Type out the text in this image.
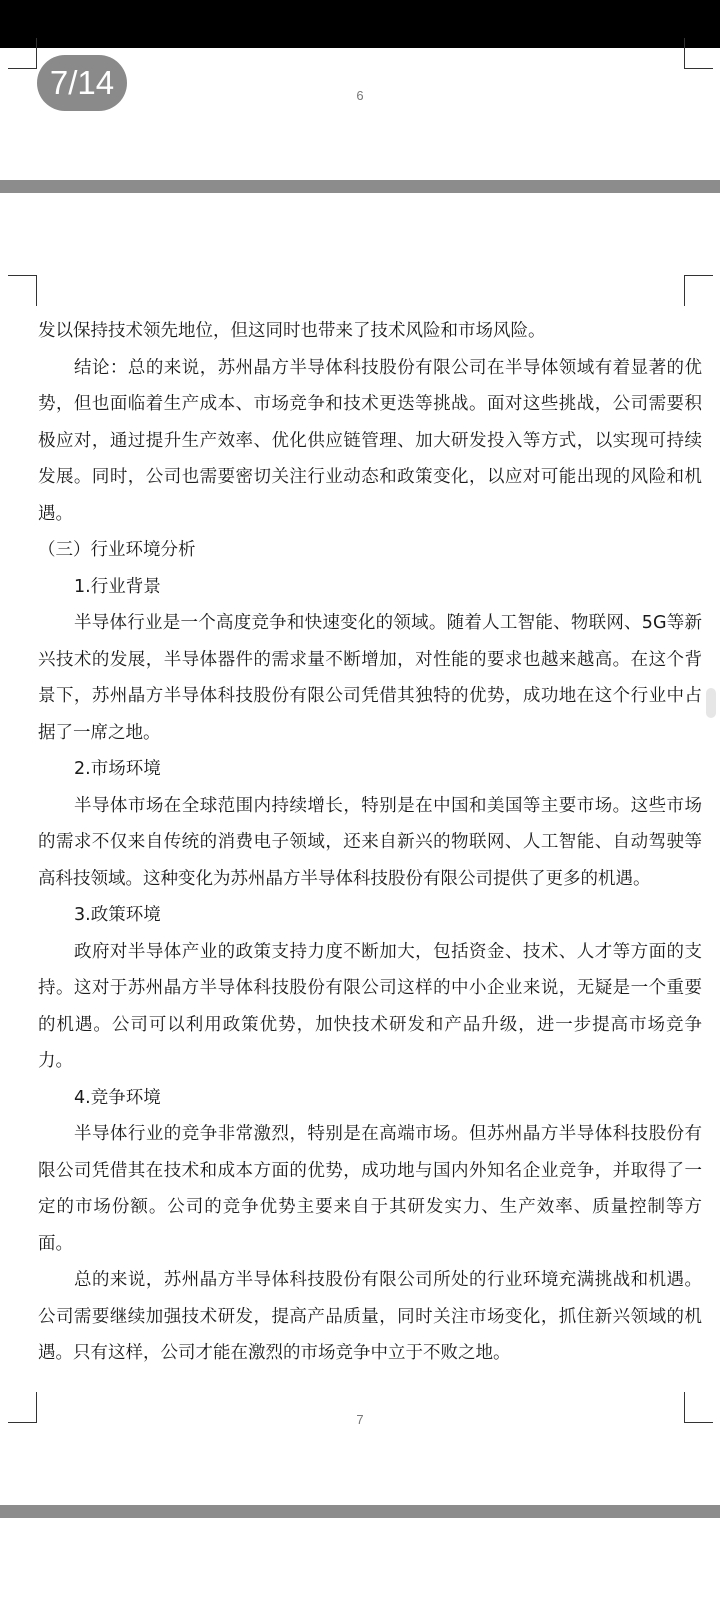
7/14	6

发以保持技术领先地位，但这同时也带来了技术风险和市场风险。

结论：总的来说，苏州晶方半导体科技股份有限公司在半导体领域有着显著的优势，但也面临着生产成本、市场竞争和技术更迭等挑战。面对这些挑战，公司需要积极应对，通过提升生产效率、优化供应链管理、加大研发投入等方式，以实现可持续发展。同时，公司也需要密切关注行业动态和政策变化，以应对可能出现的风险和机遇。

（三）行业环境分析

1.行业背景

半导体行业是一个高度竞争和快速变化的领域。随着人工智能、物联网、5G等新兴技术的发展，半导体器件的需求量不断增加，对性能的要求也越来越高。在这个背景下，苏州晶方半导体科技股份有限公司凭借其独特的优势，成功地在这个行业中占据了一席之地。

2.市场环境

半导体市场在全球范围内持续增长，特别是在中国和美国等主要市场。这些市场的需求不仅来自传统的消费电子领域，还来自新兴的物联网、人工智能、自动驾驶等高科技领域。这种变化为苏州晶方半导体科技股份有限公司提供了更多的机遇。

3.政策环境

政府对半导体产业的政策支持力度不断加大，包括资金、技术、人才等方面的支持。这对于苏州晶方半导体科技股份有限公司这样的中小企业来说，无疑是一个重要的机遇。公司可以利用政策优势，加快技术研发和产品升级，进一步提高市场竞争力。

4.竞争环境

半导体行业的竞争非常激烈，特别是在高端市场。但苏州晶方半导体科技股份有限公司凭借其在技术和成本方面的优势，成功地与国内外知名企业竞争，并取得了一定的市场份额。公司的竞争优势主要来自于其研发实力、生产效率、质量控制等方面。

总的来说，苏州晶方半导体科技股份有限公司所处的行业环境充满挑战和机遇。公司需要继续加强技术研发，提高产品质量，同时关注市场变化，抓住新兴领域的机遇。只有这样，公司才能在激烈的市场竞争中立于不败之地。

7
